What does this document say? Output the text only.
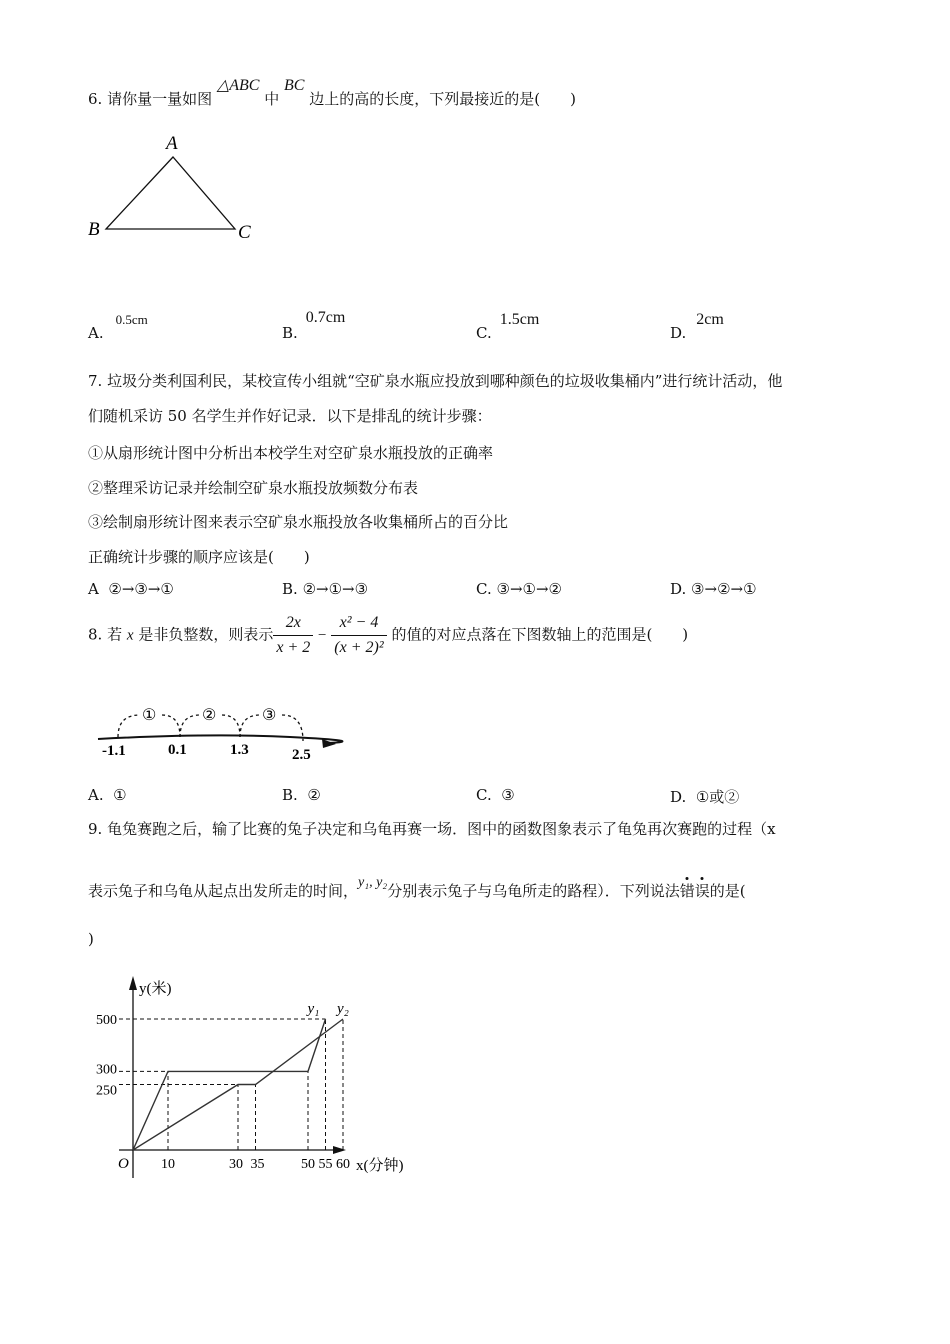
6. 请你量一量如图 △ABC 中 BC 边上的高的长度，下列最接近的是(　　)
A
B	C
A.0.5cm
B.0.7cm
C.1.5cm
D.2cm
7. 垃圾分类利国利民，某校宣传小组就“空矿泉水瓶应投放到哪种颜色的垃圾收集桶内”进行统计活动，他
们随机采访 50 名学生并作好记录．以下是排乱的统计步骤：
①从扇形统计图中分析出本校学生对空矿泉水瓶投放的正确率
②整理采访记录并绘制空矿泉水瓶投放频数分布表
③绘制扇形统计图来表示空矿泉水瓶投放各收集桶所占的百分比
正确统计步骤的顺序应该是(　　)
A ②→③→①	B. ②→①→③	C. ③→①→②	D. ③→②→①
8. 若 x 是非负整数，则表示 $\frac{2x}{x + 2} - \frac{\text{x² − 4}}{\text{(x + 2)²}}$ 的值的对应点落在下图数轴上的范围是(　　)
①	②	③
-1.1	0.1	1.3	2.5
A. ①	B. ②	C. ③	D. ①或②
9. 龟兔赛跑之后，输了比赛的兔子决定和乌龟再赛一场．图中的函数图象表示了龟兔再次赛跑的过程（x
表示兔子和乌龟从起点出发所走的时间，y₁, y₂分别表示兔子与乌龟所走的路程）．下列说法错误的是(
)
O
y(米)
x(分钟)
10	30 35	50 55 60
250
300
500
y₁ y₂
